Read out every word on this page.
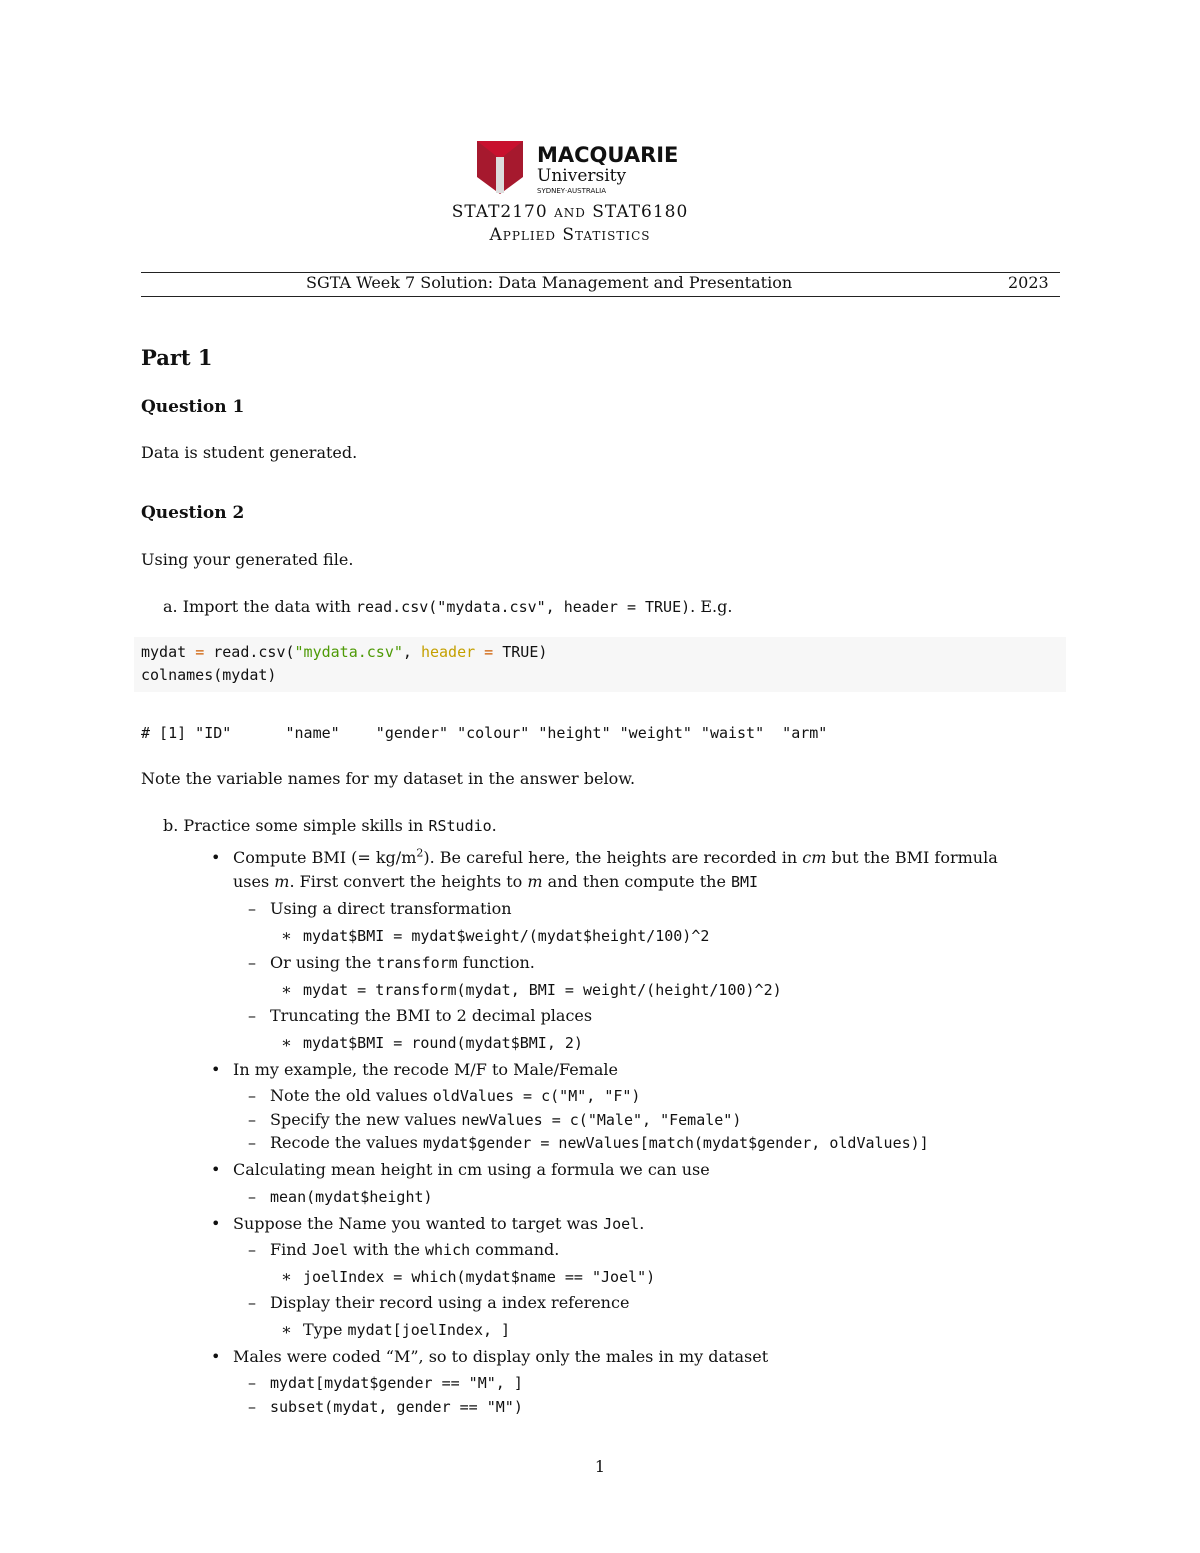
MACQUARIE
University
SYDNEY·AUSTRALIA
STAT2170 and STAT6180
Applied Statistics
SGTA Week 7 Solution: Data Management and Presentation	2023
Part 1
Question 1
Data is student generated.
Question 2
Using your generated file.
a. Import the data with read.csv("mydata.csv", header = TRUE). E.g.
mydat = read.csv("mydata.csv", header = TRUE)
colnames(mydat)
# [1] "ID"      "name"    "gender" "colour" "height" "weight" "waist"  "arm"
Note the variable names for my dataset in the answer below.
b. Practice some simple skills in RStudio.
• Compute BMI (= $kg/m^2$). Be careful here, the heights are recorded in cm but the BMI formula
uses m. First convert the heights to m and then compute the BMI
– Using a direct transformation
∗ mydat$BMI = mydat$weight/(mydat$height/100)^2
– Or using the transform function.
∗ mydat = transform(mydat, BMI = weight/(height/100)^2)
– Truncating the BMI to 2 decimal places
∗ mydat$BMI = round(mydat$BMI, 2)
• In my example, the recode M/F to Male/Female
– Note the old values oldValues = c("M", "F")
– Specify the new values newValues = c("Male", "Female")
– Recode the values mydat$gender = newValues[match(mydat$gender, oldValues)]
• Calculating mean height in cm using a formula we can use
– mean(mydat$height)
• Suppose the Name you wanted to target was Joel.
– Find Joel with the which command.
∗ joelIndex = which(mydat$name == "Joel")
– Display their record using a index reference
∗ Type mydat[joelIndex, ]
• Males were coded “M”, so to display only the males in my dataset
– mydat[mydat$gender == "M", ]
– subset(mydat, gender == "M")
1
